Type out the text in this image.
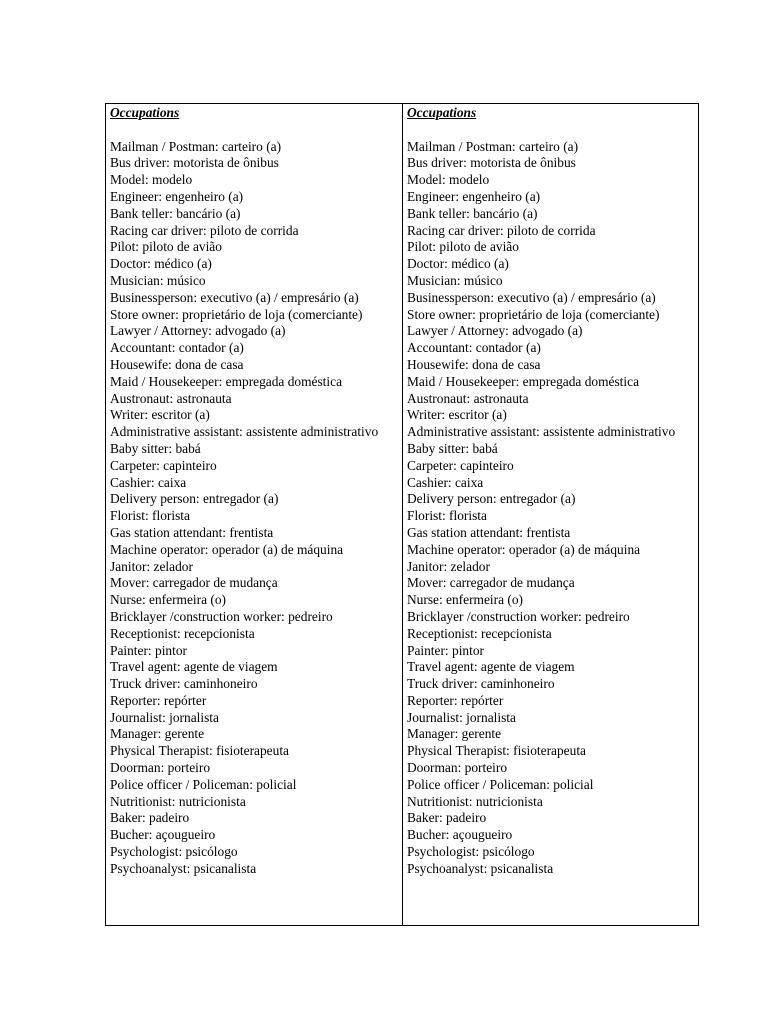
Occupations

Mailman / Postman: carteiro (a)
Bus driver: motorista de ônibus
Model: modelo
Engineer: engenheiro (a)
Bank teller: bancário (a)
Racing car driver: piloto de corrida
Pilot: piloto de avião
Doctor: médico (a)
Musician: músico
Businessperson: executivo (a) / empresário (a)
Store owner: proprietário de loja (comerciante)
Lawyer / Attorney: advogado (a)
Accountant: contador (a)
Housewife: dona de casa
Maid / Housekeeper: empregada doméstica
Austronaut: astronauta
Writer: escritor (a)
Administrative assistant: assistente administrativo
Baby sitter: babá
Carpeter: capinteiro
Cashier: caixa
Delivery person: entregador (a)
Florist: florista
Gas station attendant: frentista
Machine operator: operador (a) de máquina
Janitor: zelador
Mover: carregador de mudança
Nurse: enfermeira (o)
Bricklayer /construction worker: pedreiro
Receptionist: recepcionista
Painter: pintor
Travel agent: agente de viagem
Truck driver: caminhoneiro
Reporter: repórter
Journalist: jornalista
Manager: gerente
Physical Therapist: fisioterapeuta
Doorman: porteiro
Police officer / Policeman: policial
Nutritionist: nutricionista
Baker: padeiro
Bucher: açougueiro
Psychologist: psicólogo
Psychoanalyst: psicanalista

Occupations

Mailman / Postman: carteiro (a)
Bus driver: motorista de ônibus
Model: modelo
Engineer: engenheiro (a)
Bank teller: bancário (a)
Racing car driver: piloto de corrida
Pilot: piloto de avião
Doctor: médico (a)
Musician: músico
Businessperson: executivo (a) / empresário (a)
Store owner: proprietário de loja (comerciante)
Lawyer / Attorney: advogado (a)
Accountant: contador (a)
Housewife: dona de casa
Maid / Housekeeper: empregada doméstica
Austronaut: astronauta
Writer: escritor (a)
Administrative assistant: assistente administrativo
Baby sitter: babá
Carpeter: capinteiro
Cashier: caixa
Delivery person: entregador (a)
Florist: florista
Gas station attendant: frentista
Machine operator: operador (a) de máquina
Janitor: zelador
Mover: carregador de mudança
Nurse: enfermeira (o)
Bricklayer /construction worker: pedreiro
Receptionist: recepcionista
Painter: pintor
Travel agent: agente de viagem
Truck driver: caminhoneiro
Reporter: repórter
Journalist: jornalista
Manager: gerente
Physical Therapist: fisioterapeuta
Doorman: porteiro
Police officer / Policeman: policial
Nutritionist: nutricionista
Baker: padeiro
Bucher: açougueiro
Psychologist: psicólogo
Psychoanalyst: psicanalista
